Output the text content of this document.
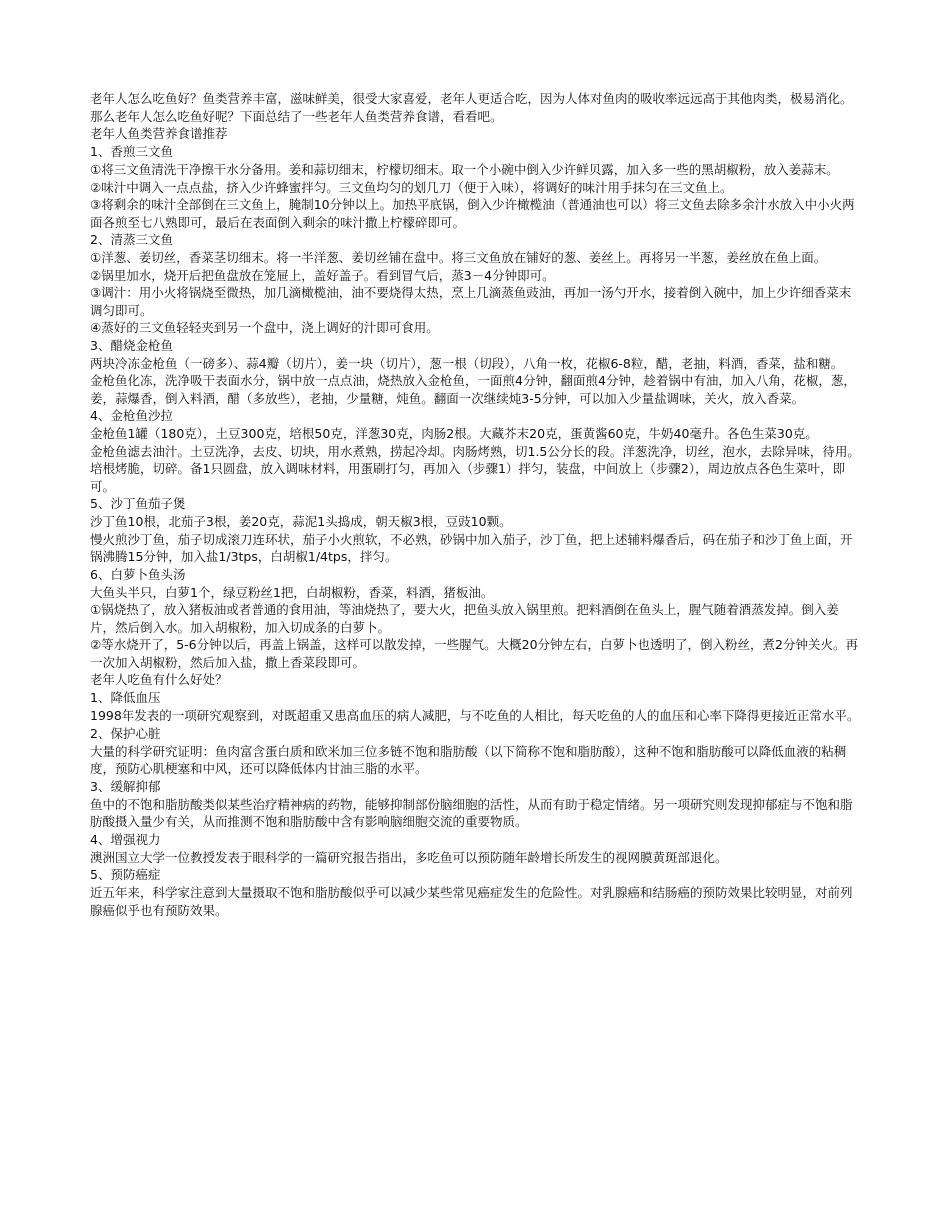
老年人怎么吃鱼好？鱼类营养丰富，滋味鲜美，很受大家喜爱，老年人更适合吃，因为人体对鱼肉的吸收率远远高于其他肉类，极易消化。那么老年人怎么吃鱼好呢？下面总结了一些老年人鱼类营养食谱，看看吧。

老年人鱼类营养食谱推荐

1、香煎三文鱼

①将三文鱼清洗干净擦干水分备用。姜和蒜切细末，柠檬切细末。取一个小碗中倒入少许鲜贝露，加入多一些的黑胡椒粉，放入姜蒜末。

②味汁中调入一点点盐，挤入少许蜂蜜拌匀。三文鱼均匀的划几刀（便于入味），将调好的味汁用手抹匀在三文鱼上。

③将剩余的味汁全部倒在三文鱼上，腌制10分钟以上。加热平底锅，倒入少许橄榄油（普通油也可以）将三文鱼去除多余汁水放入中小火两面各煎至七八熟即可，最后在表面倒入剩余的味汁撒上柠檬碎即可。

2、清蒸三文鱼

①洋葱、姜切丝，香菜茎切细末。将一半洋葱、姜切丝铺在盘中。将三文鱼放在铺好的葱、姜丝上。再将另一半葱，姜丝放在鱼上面。

②锅里加水，烧开后把鱼盘放在笼屉上，盖好盖子。看到冒气后，蒸3－4分钟即可。

③调汁：用小火将锅烧至微热，加几滴橄榄油，油不要烧得太热，烹上几滴蒸鱼豉油，再加一汤勺开水，接着倒入碗中，加上少许细香菜末调匀即可。

④蒸好的三文鱼轻轻夹到另一个盘中，浇上调好的汁即可食用。

3、醋烧金枪鱼

两块冷冻金枪鱼（一磅多）、蒜4瓣（切片），姜一块（切片），葱一根（切段），八角一枚，花椒6-8粒，醋，老抽，料酒，香菜，盐和糖。

金枪鱼化冻，洗净吸干表面水分，锅中放一点点油，烧热放入金枪鱼，一面煎4分钟，翻面煎4分钟，趁着锅中有油，加入八角，花椒，葱，姜，蒜爆香，倒入料酒，醋（多放些），老抽，少量糖，炖鱼。翻面一次继续炖3-5分钟，可以加入少量盐调味，关火，放入香菜。

4、金枪鱼沙拉

金枪鱼1罐（180克），土豆300克，培根50克，洋葱30克，肉肠2根。大藏芥末20克，蛋黄酱60克，牛奶40毫升。各色生菜30克。

金枪鱼滤去油汁。土豆洗净，去皮、切块，用水煮熟，捞起冷却。肉肠烤熟，切1.5公分长的段。洋葱洗净，切丝，泡水，去除异味，待用。培根烤脆，切碎。备1只圆盘，放入调味材料，用蛋刷打匀，再加入（步骤1）拌匀，装盘，中间放上（步骤2），周边放点各色生菜叶，即可。

5、沙丁鱼茄子煲

沙丁鱼10根，北茄子3根，姜20克，蒜泥1头捣成，朝天椒3根，豆豉10颗。

慢火煎沙丁鱼，茄子切成滚刀连环状，茄子小火煎软，不必熟，砂锅中加入茄子，沙丁鱼，把上述辅料爆香后，码在茄子和沙丁鱼上面，开锅沸腾15分钟，加入盐1/3tps，白胡椒1/4tps，拌匀。

6、白萝卜鱼头汤

大鱼头半只，白萝1个，绿豆粉丝1把，白胡椒粉，香菜，料酒，猪板油。

①锅烧热了，放入猪板油或者普通的食用油，等油烧热了，要大火，把鱼头放入锅里煎。把料酒倒在鱼头上，腥气随着酒蒸发掉。倒入姜片，然后倒入水。加入胡椒粉，加入切成条的白萝卜。

②等水烧开了，5-6分钟以后，再盖上锅盖，这样可以散发掉，一些腥气。大概20分钟左右，白萝卜也透明了，倒入粉丝，煮2分钟关火。再一次加入胡椒粉，然后加入盐，撒上香菜段即可。

老年人吃鱼有什么好处？

1、降低血压

1998年发表的一项研究观察到，对既超重又患高血压的病人减肥，与不吃鱼的人相比，每天吃鱼的人的血压和心率下降得更接近正常水平。

2、保护心脏

大量的科学研究证明：鱼肉富含蛋白质和欧米加三位多链不饱和脂肪酸（以下简称不饱和脂肪酸），这种不饱和脂肪酸可以降低血液的粘稠度，预防心肌梗塞和中风，还可以降低体内甘油三脂的水平。

3、缓解抑郁

鱼中的不饱和脂肪酸类似某些治疗精神病的药物，能够抑制部份脑细胞的活性，从而有助于稳定情绪。另一项研究则发现抑郁症与不饱和脂肪酸摄入量少有关，从而推测不饱和脂肪酸中含有影响脑细胞交流的重要物质。

4、增强视力

澳洲国立大学一位教授发表于眼科学的一篇研究报告指出，多吃鱼可以预防随年龄增长所发生的视网膜黄斑部退化。

5、预防癌症

近五年来，科学家注意到大量摄取不饱和脂肪酸似乎可以减少某些常见癌症发生的危险性。对乳腺癌和结肠癌的预防效果比较明显，对前列腺癌似乎也有预防效果。
